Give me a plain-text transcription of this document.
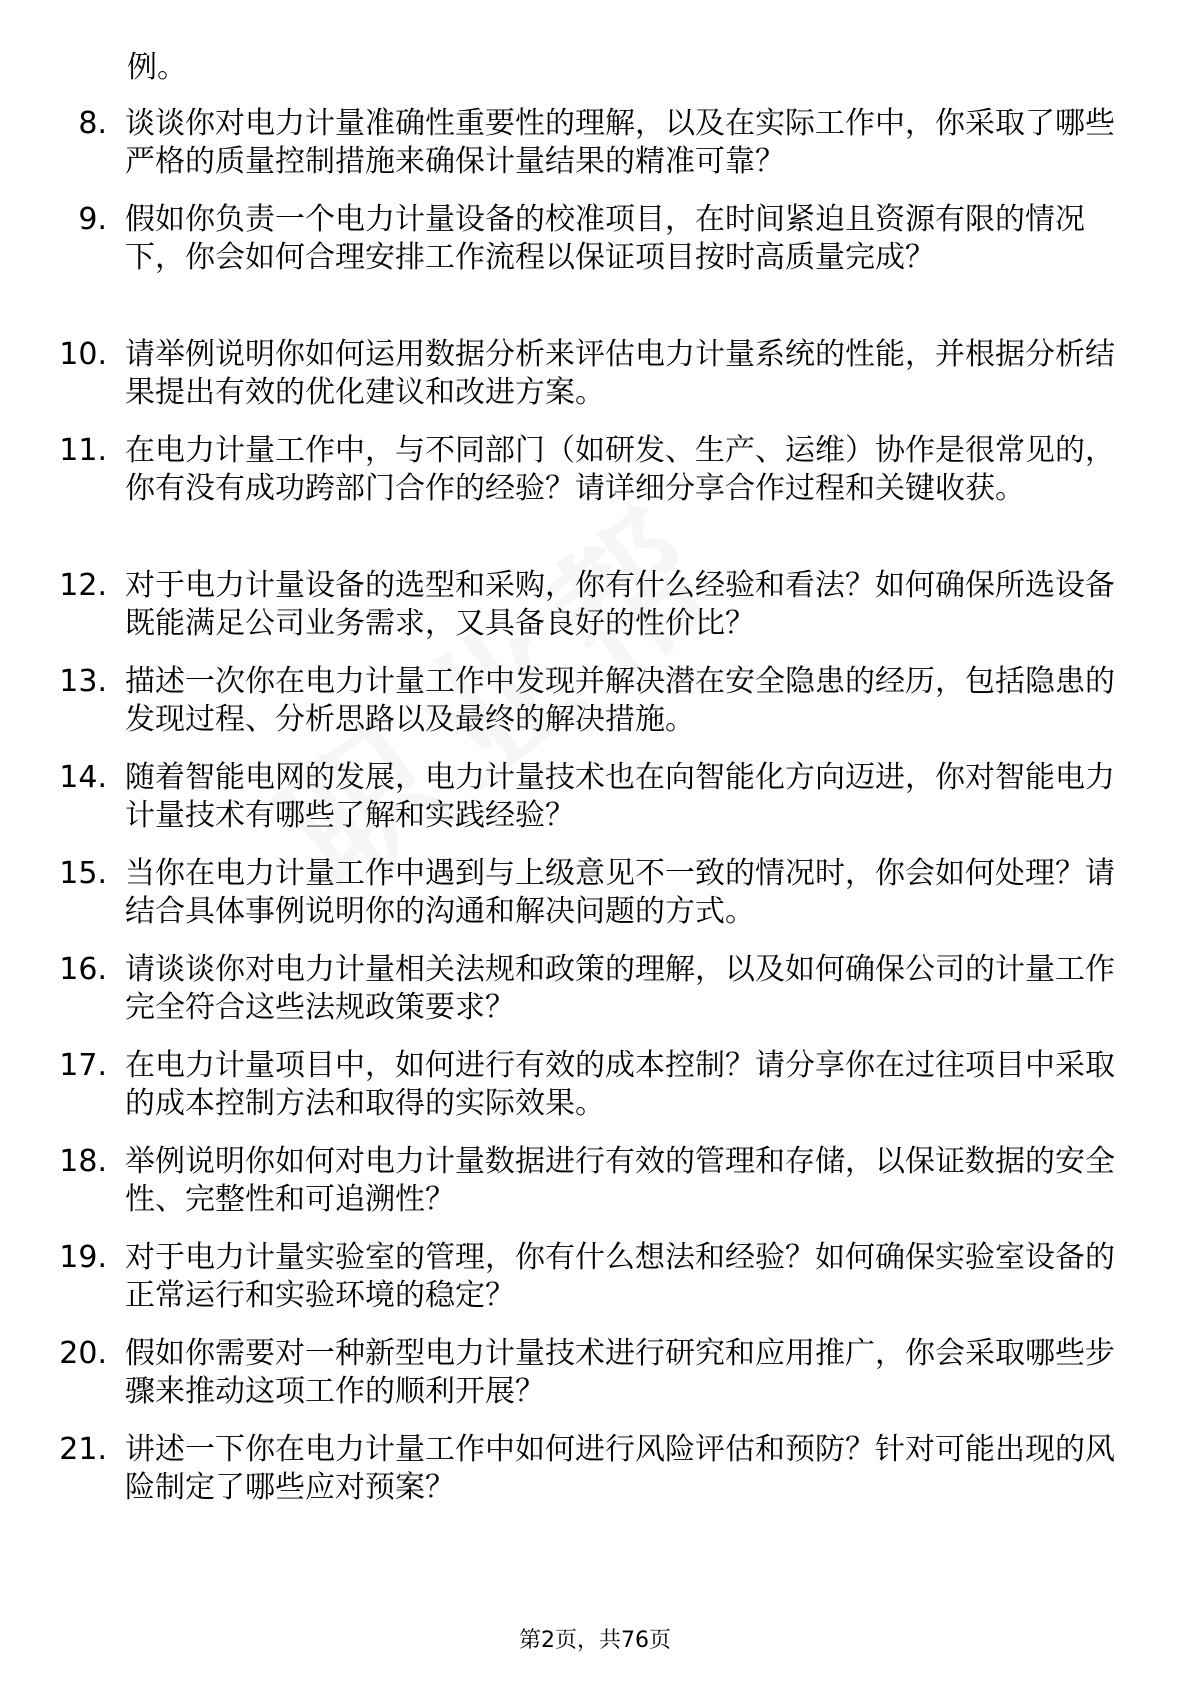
例。
8. 谈谈你对电力计量准确性重要性的理解，以及在实际工作中，你采取了哪些严格的质量控制措施来确保计量结果的精准可靠？
9. 假如你负责一个电力计量设备的校准项目，在时间紧迫且资源有限的情况下，你会如何合理安排工作流程以保证项目按时高质量完成？
10. 请举例说明你如何运用数据分析来评估电力计量系统的性能，并根据分析结果提出有效的优化建议和改进方案。
11. 在电力计量工作中，与不同部门（如研发、生产、运维）协作是很常见的，你有没有成功跨部门合作的经验？请详细分享合作过程和关键收获。
12. 对于电力计量设备的选型和采购，你有什么经验和看法？如何确保所选设备既能满足公司业务需求，又具备良好的性价比？
13. 描述一次你在电力计量工作中发现并解决潜在安全隐患的经历，包括隐患的发现过程、分析思路以及最终的解决措施。
14. 随着智能电网的发展，电力计量技术也在向智能化方向迈进，你对智能电力计量技术有哪些了解和实践经验？
15. 当你在电力计量工作中遇到与上级意见不一致的情况时，你会如何处理？请结合具体事例说明你的沟通和解决问题的方式。
16. 请谈谈你对电力计量相关法规和政策的理解，以及如何确保公司的计量工作完全符合这些法规政策要求？
17. 在电力计量项目中，如何进行有效的成本控制？请分享你在过往项目中采取的成本控制方法和取得的实际效果。
18. 举例说明你如何对电力计量数据进行有效的管理和存储，以保证数据的安全性、完整性和可追溯性？
19. 对于电力计量实验室的管理，你有什么想法和经验？如何确保实验室设备的正常运行和实验环境的稳定？
20. 假如你需要对一种新型电力计量技术进行研究和应用推广，你会采取哪些步骤来推动这项工作的顺利开展？
21. 讲述一下你在电力计量工作中如何进行风险评估和预防？针对可能出现的风险制定了哪些应对预案？
第2页，共76页
